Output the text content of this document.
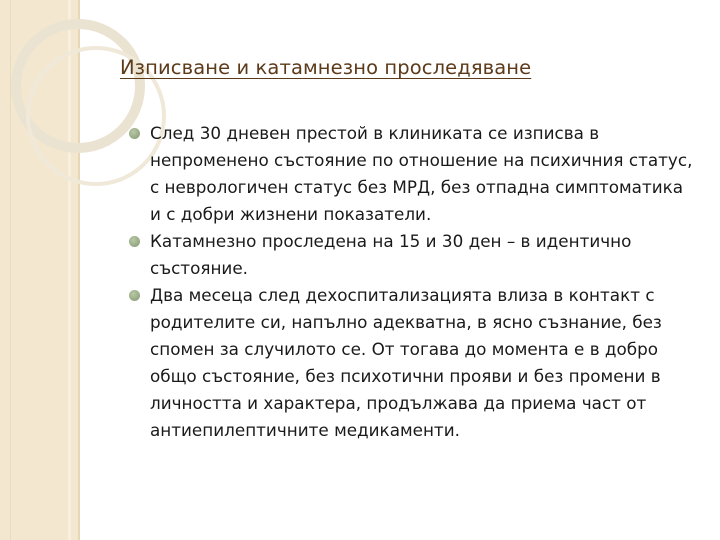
Изписване и катамнезно проследяване
След 30 дневен престой в клиниката се изписва в непроменено състояние по отношение на психичния статус, с неврологичен статус без МРД, без отпадна симптоматика и с добри жизнени показатели.
Катамнезно проследена на 15 и 30 ден – в идентично състояние.
Два месеца след дехоспитализацията влиза в контакт с родителите си, напълно адекватна, в ясно съзнание, без спомен за случилото се. От тогава до момента е в добро общо състояние, без психотични прояви и без промени в личността и характера, продължава да приема част от антиепилептичните медикаменти.
